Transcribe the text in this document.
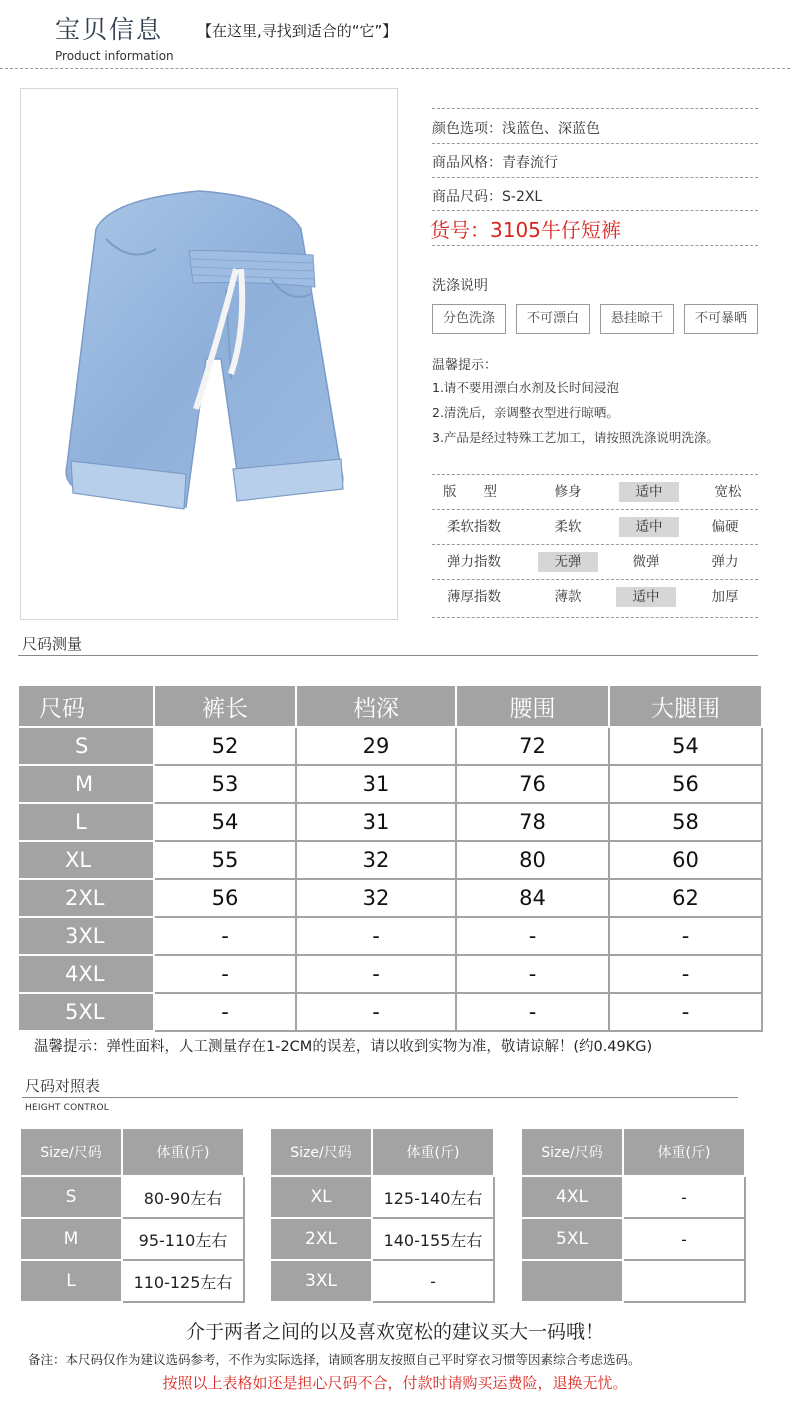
宝贝信息 【在这里,寻找到适合的“它”】
Product information
颜色选项：浅蓝色、深蓝色
商品风格：青春流行
商品尺码：S-2XL
货号：3105牛仔短裤
洗涤说明
分色洗涤	不可漂白	悬挂晾干	不可暴晒
温馨提示：
1.请不要用漂白水剂及长时间浸泡
2.清洗后，亲调整衣型进行晾晒。
3.产品是经过特殊工艺加工，请按照洗涤说明洗涤。
版　　型	修身	适中	宽松
柔软指数	柔软	适中	偏硬
弹力指数	无弹	微弹	弹力
薄厚指数	薄款	适中	加厚
尺码测量
尺码	裤长	档深	腰围	大腿围
S	52	29	72	54
M	53	31	76	56
L	54	31	78	58
XL	55	32	80	60
2XL	56	32	84	62
3XL	-	-	-	-
4XL	-	-	-	-
5XL	-	-	-	-
温馨提示：弹性面料，人工测量存在1-2CM的误差，请以收到实物为准，敬请谅解！(约0.49KG)
尺码对照表
HEIGHT CONTROL
Size/尺码	体重(斤)
S	80-90左右
M	95-110左右
L	110-125左右
Size/尺码	体重(斤)
XL	125-140左右
2XL	140-155左右
3XL	-
Size/尺码	体重(斤)
4XL	-
5XL	-

介于两者之间的以及喜欢宽松的建议买大一码哦！
备注：本尺码仅作为建议选码参考，不作为实际选择，请顾客朋友按照自己平时穿衣习惯等因素综合考虑选码。
按照以上表格如还是担心尺码不合，付款时请购买运费险，退换无忧。
